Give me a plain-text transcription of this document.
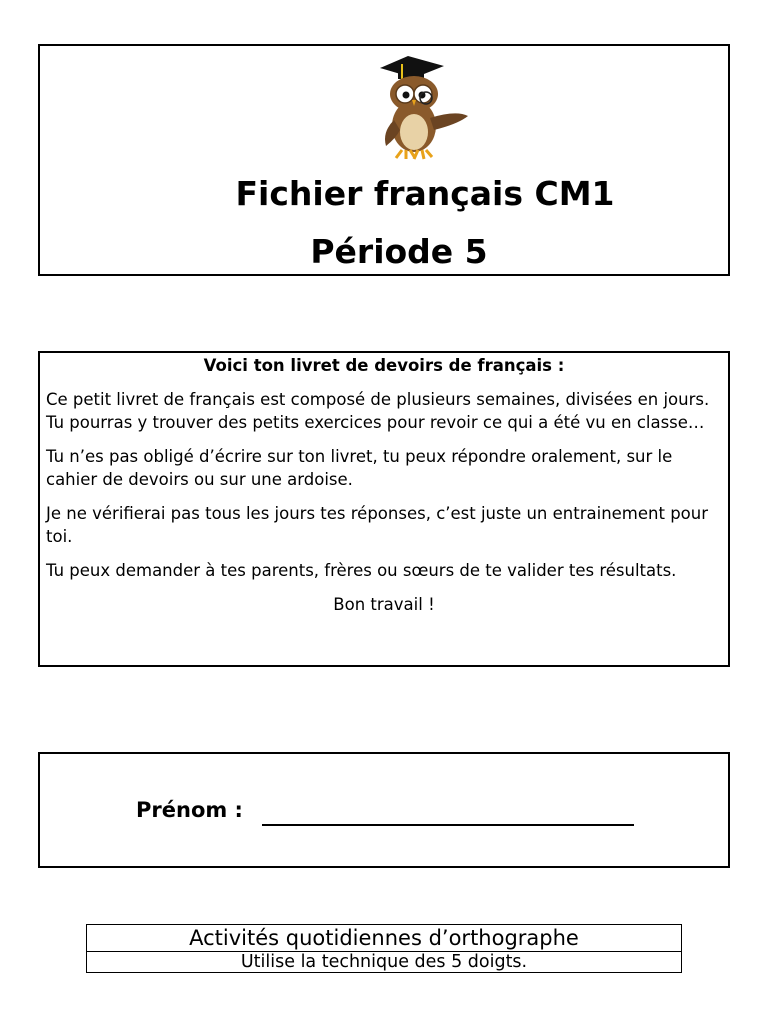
Fichier français CM1
Période 5

Voici ton livret de devoirs de français :

Ce petit livret de français est composé de plusieurs semaines, divisées en jours. Tu pourras y trouver des petits exercices pour revoir ce qui a été vu en classe…

Tu n’es pas obligé d’écrire sur ton livret, tu peux répondre oralement, sur le cahier de devoirs ou sur une ardoise.

Je ne vérifierai pas tous les jours tes réponses, c’est juste un entrainement pour toi.

Tu peux demander à tes parents, frères ou sœurs de te valider tes résultats.

Bon travail !

Prénom :
Activités quotidiennes d’orthographe
Utilise la technique des 5 doigts.
